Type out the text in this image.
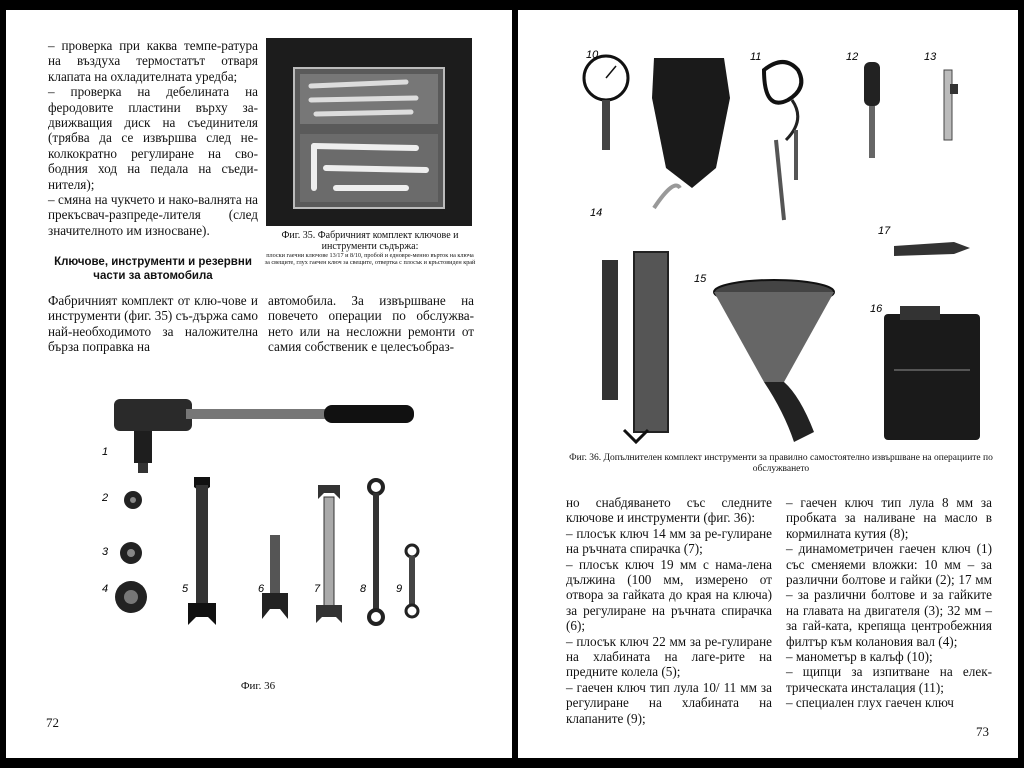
– проверка при каква темпе-ратура на въздуха термостатът отваря клапата на охладителната уредба;

– проверка на дебелината на феродовите пластини върху за-движващия диск на съединителя (трябва да се извършва след не-колкократно регулиране на сво-бодния ход на педала на съеди-нителя);

– смяна на чукчето и нако-валнята на прекъсвач-разпреде-лителя (след значителното им износване).

Ключове, инструменти и резервни части за автомобила
Фабричният комплект от клю-чове и инструменти (фиг. 35) съ-държа само най-необходимото за наложителна бърза поправка на
Фиг. 35. Фабричният комплект ключове и инструменти съдържа:
плоски гаечни ключове 13/17 и 8/10, пробой и едновре-менно върток на ключа за свещите, глух гаечен ключ за свещите, отвертка с плосък и кръстовиден край
автомобила. За извършване на повечето операции по обслужва-нето или на несложни ремонти от самия собственик е целесъобраз-
1
2
3
4	5	6	7	8	9
Фиг. 36
72
10	11	12	13
14
15
16
17
Фиг. 36. Допълнителен комплект инструменти за правилно самостоятелно извършване на операциите по обслужването

но снабдяването със следните ключове и инструменти (фиг. 36):

– плосък ключ 14 мм за ре-гулиране на ръчната спирачка (7);

– плосък ключ 19 мм с нама-лена дължина (100 мм, измерено от отвора за гайката до края на ключа) за регулиране на ръчната спирачка (6);

– плосък ключ 22 мм за ре-гулиране на хлабината на лаге-рите на предните колела (5);

– гаечен ключ тип лула 10/ 11 мм за регулиране на хлабината на клапаните (9);

– гаечен ключ тип лула 8 мм за пробката за наливане на масло в кормилната кутия (8);

– динамометричен гаечен ключ (1) със сменяеми вложки: 10 мм – за различни болтове и гайки (2); 17 мм – за различни болтове и за гайките на главата на двигателя (3); 32 мм – за гай-ката, крепяща центробежния филтър към колановия вал (4);

– манометър в калъф (10);

– щипци за изпитване на елек-трическата инсталация (11);

– специален глух гаечен ключ

73
